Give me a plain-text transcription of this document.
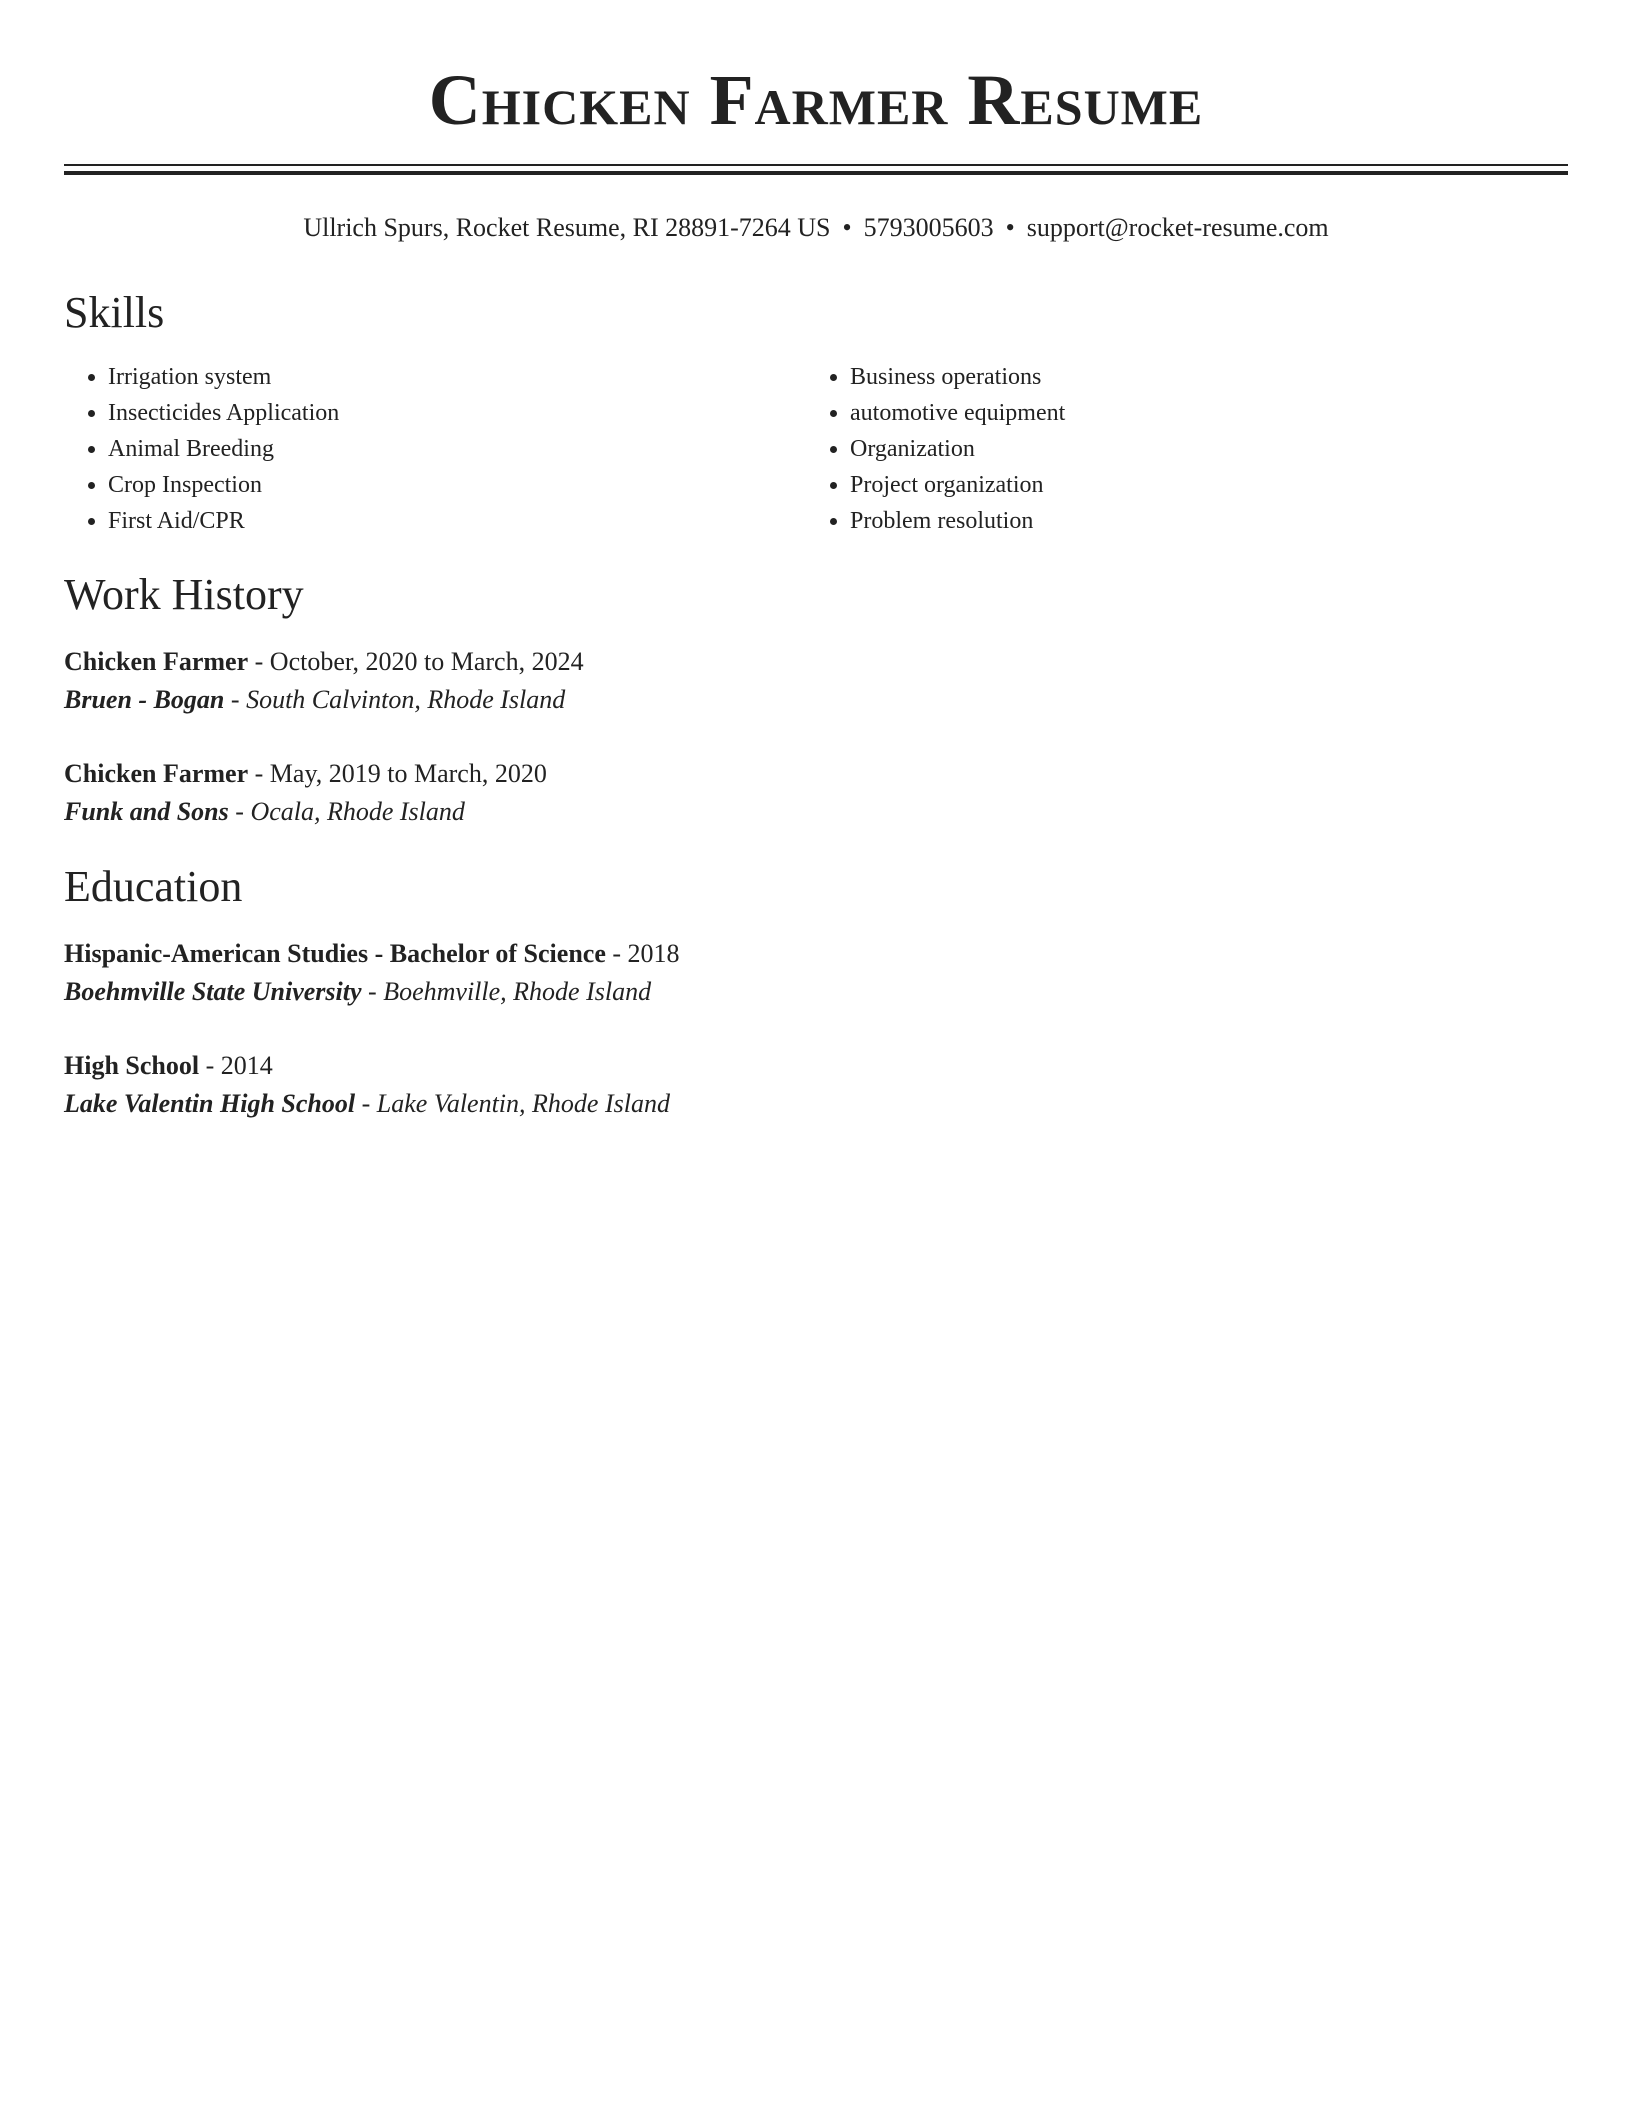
Chicken Farmer Resume
Ullrich Spurs, Rocket Resume, RI 28891-7264 US • 5793005603 • support@rocket-resume.com
Skills
• Irrigation system
• Insecticides Application
• Animal Breeding
• Crop Inspection
• First Aid/CPR
• Business operations
• automotive equipment
• Organization
• Project organization
• Problem resolution
Work History

Chicken Farmer - October, 2020 to March, 2024

Bruen - Bogan - South Calvinton, Rhode Island

Chicken Farmer - May, 2019 to March, 2020

Funk and Sons - Ocala, Rhode Island

Education

Hispanic-American Studies - Bachelor of Science - 2018

Boehmville State University - Boehmville, Rhode Island

High School - 2014

Lake Valentin High School - Lake Valentin, Rhode Island
